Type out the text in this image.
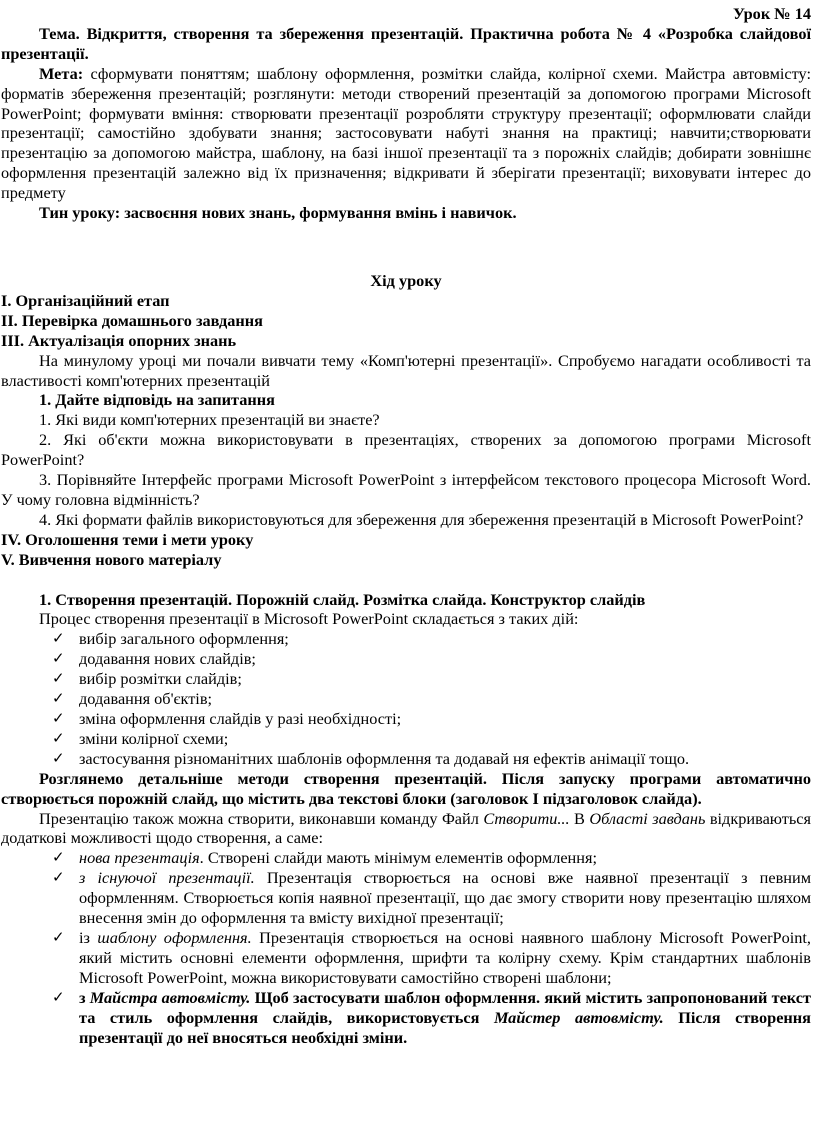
Урок № 14

Тема. Відкриття, створення та збереження презентацій. Практична робота № 4 «Розробка слайдової презентації.

Мета: сформувати поняттям; шаблону оформлення, розмітки слайда, колірної схеми. Майстра автовмісту: форматів збереження презентацій; розглянути: методи створений презентацій за допомогою програми Microsoft PowerPoint; формувати вміння: створювати презентації розробляти структуру презентації; оформлювати слайди презентації; самостійно здобувати знання; застосовувати набуті знання на практиці; навчити;створювати презентацію за допомогою майстра, шаблону, на базі іншої презентації та з порожніх слайдів; добирати зовнішнє оформлення презентацій залежно від їх призначення; відкривати й зберігати презентації; виховувати інтерес до предмету

Тин уроку: засвоєння нових знань, формування вмінь і навичок.

Хід уроку

I. Організаційний етап

II. Перевірка домашнього завдання

III. Актуалізація опорних знань

На минулому уроці ми почали вивчати тему «Комп'ютерні презентації». Спробуємо нагадати особливості та властивості комп'ютерних презентацій

1. Дайте відповідь на запитання

1. Які види комп'ютерних презентацій ви знаєте?

2. Які об'єкти можна використовувати в презентаціях, створених за допомогою програми Microsoft PowerPoint?

3. Порівняйте Інтерфейс програми Microsoft PowerPoint з інтерфейсом текстового процесора Microsoft Word. У чому головна відмінність?

4. Які формати файлів використовуються для збереження для збереження презентацій в Microsoft PowerPoint?

IV. Оголошення теми і мети уроку

V. Вивчення нового матеріалу

1. Створення презентацій. Порожній слайд. Розмітка слайда. Конструктор слайдів

Процес створення презентації в Microsoft PowerPoint складається з таких дій:

✓ вибір загального оформлення;
✓ додавання нових слайдів;
✓ вибір розмітки слайдів;
✓ додавання об'єктів;
✓ зміна оформлення слайдів у разі необхідності;
✓ зміни колірної схеми;
✓ застосування різноманітних шаблонів оформлення та додавай ня ефектів анімації тощо.

Розглянемо детальніше методи створення презентацій. Після запуску програми автоматично створюється порожній слайд, що містить два текстові блоки (заголовок І підзаголовок слайда).

Презентацію також можна створити, виконавши команду Файл Створити... В Області завдань відкриваються додаткові можливості щодо створення, а саме:

✓ нова презентація. Створені слайди мають мінімум елементів оформлення;
✓ з існуючої презентації. Презентація створюється на основі вже наявної презентації з певним оформленням. Створюється копія наявної презентації, що дає змогу створити нову презентацію шляхом внесення змін до оформлення та вмісту вихідної презентації;
✓ із шаблону оформлення. Презентація створюється на основі наявного шаблону Microsoft PowerPoint, який містить основні елементи оформлення, шрифти та колірну схему. Крім стандартних шаблонів Microsoft PowerPoint, можна використовувати самостійно створені шаблони;
✓ з Майстра автовмісту. Щоб застосувати шаблон оформлення. який містить запропонований текст та стиль оформлення слайдів, використовується Майстер автовмісту. Після створення презентації до неї вносяться необхідні зміни.
